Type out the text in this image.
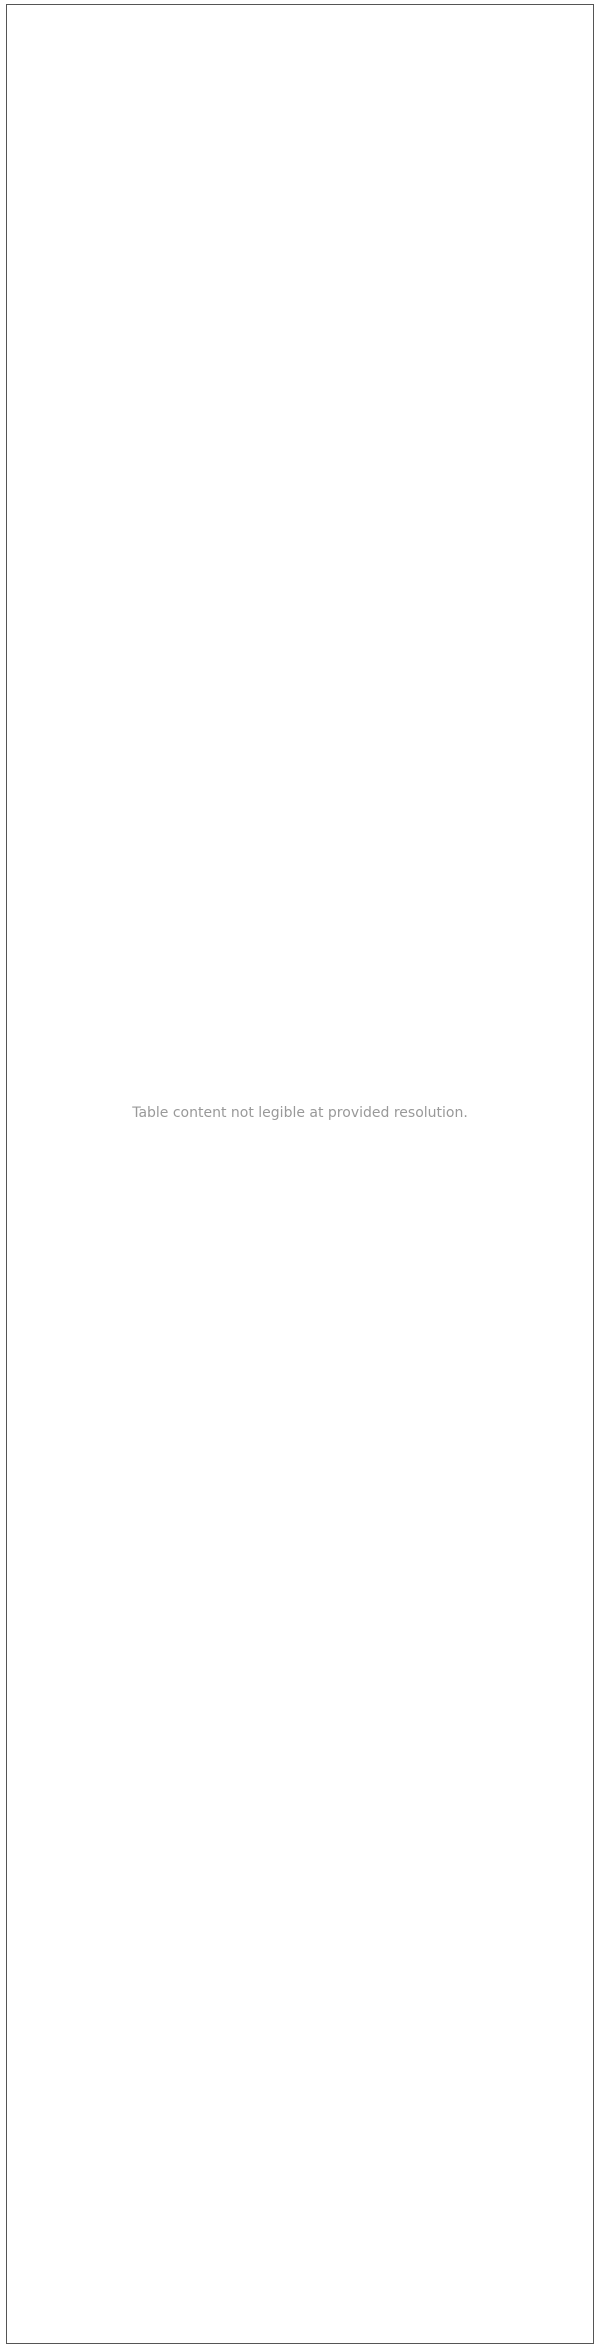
Table content not legible at provided resolution.
